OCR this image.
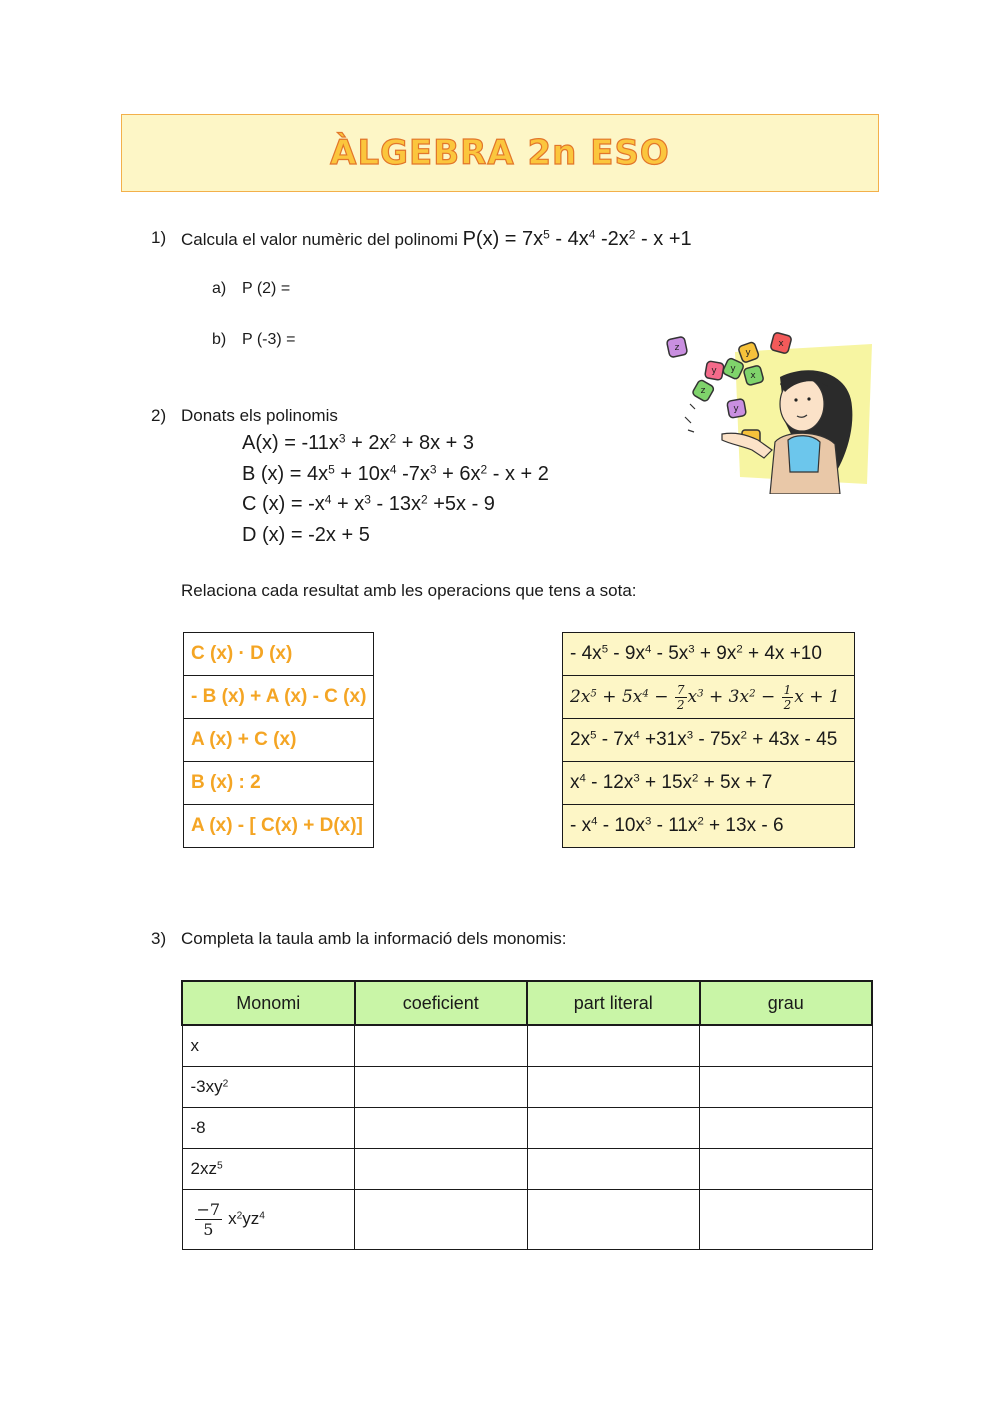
ÀLGEBRA 2n ESO
1) Calcula el valor numèric del polinomi $P(x) = 7x^5 - 4x^4$ $-2x^2 - x +1$
a) P (2) =
b) P (-3) =	z
y
y
x
y
x
z
y
2) Donats els polinomis
$A(x) = -11x^3 + 2x^2 + 8x + 3$
B $(x) = 4x^5 + 10x^4$ $-7x^3 + 6x^2 - x + 2$
C $(x) = -x^4 + x^3 - 13x^2 +5x - 9$
D (x) = -2x + 5
Relaciona cada resultat amb les operacions que tens a sota:
C (x) · D (x)
- B (x) + A (x) - C (x)
A (x) + C (x)
B (x) : 2
A (x) - [ C(x) + D(x)]
- $4x^5 - 9x^4 - 5x^3 + 9x^2 + 4x +10$
$2x^5 + 5x^4 - \frac{7}{2} x^3 + 3x^2 - \frac{1}{2}$ x + 1
$2x^5 - 7x^4 +31x^3 - 75x^2 + 43x - 45$
$x^4 - 12x^3 + 15x^2 + 5x + 7$
- $x^4 - 10x^3 - 11x^2 + 13x - 6$
3) Completa la taula amb la informació dels monomis:
Monomi	coeficient	part literal	grau
x			
$-3xy^2$			
-8			
$2xz^5$			

$\frac{-7}{5} x^2yz^4$			
